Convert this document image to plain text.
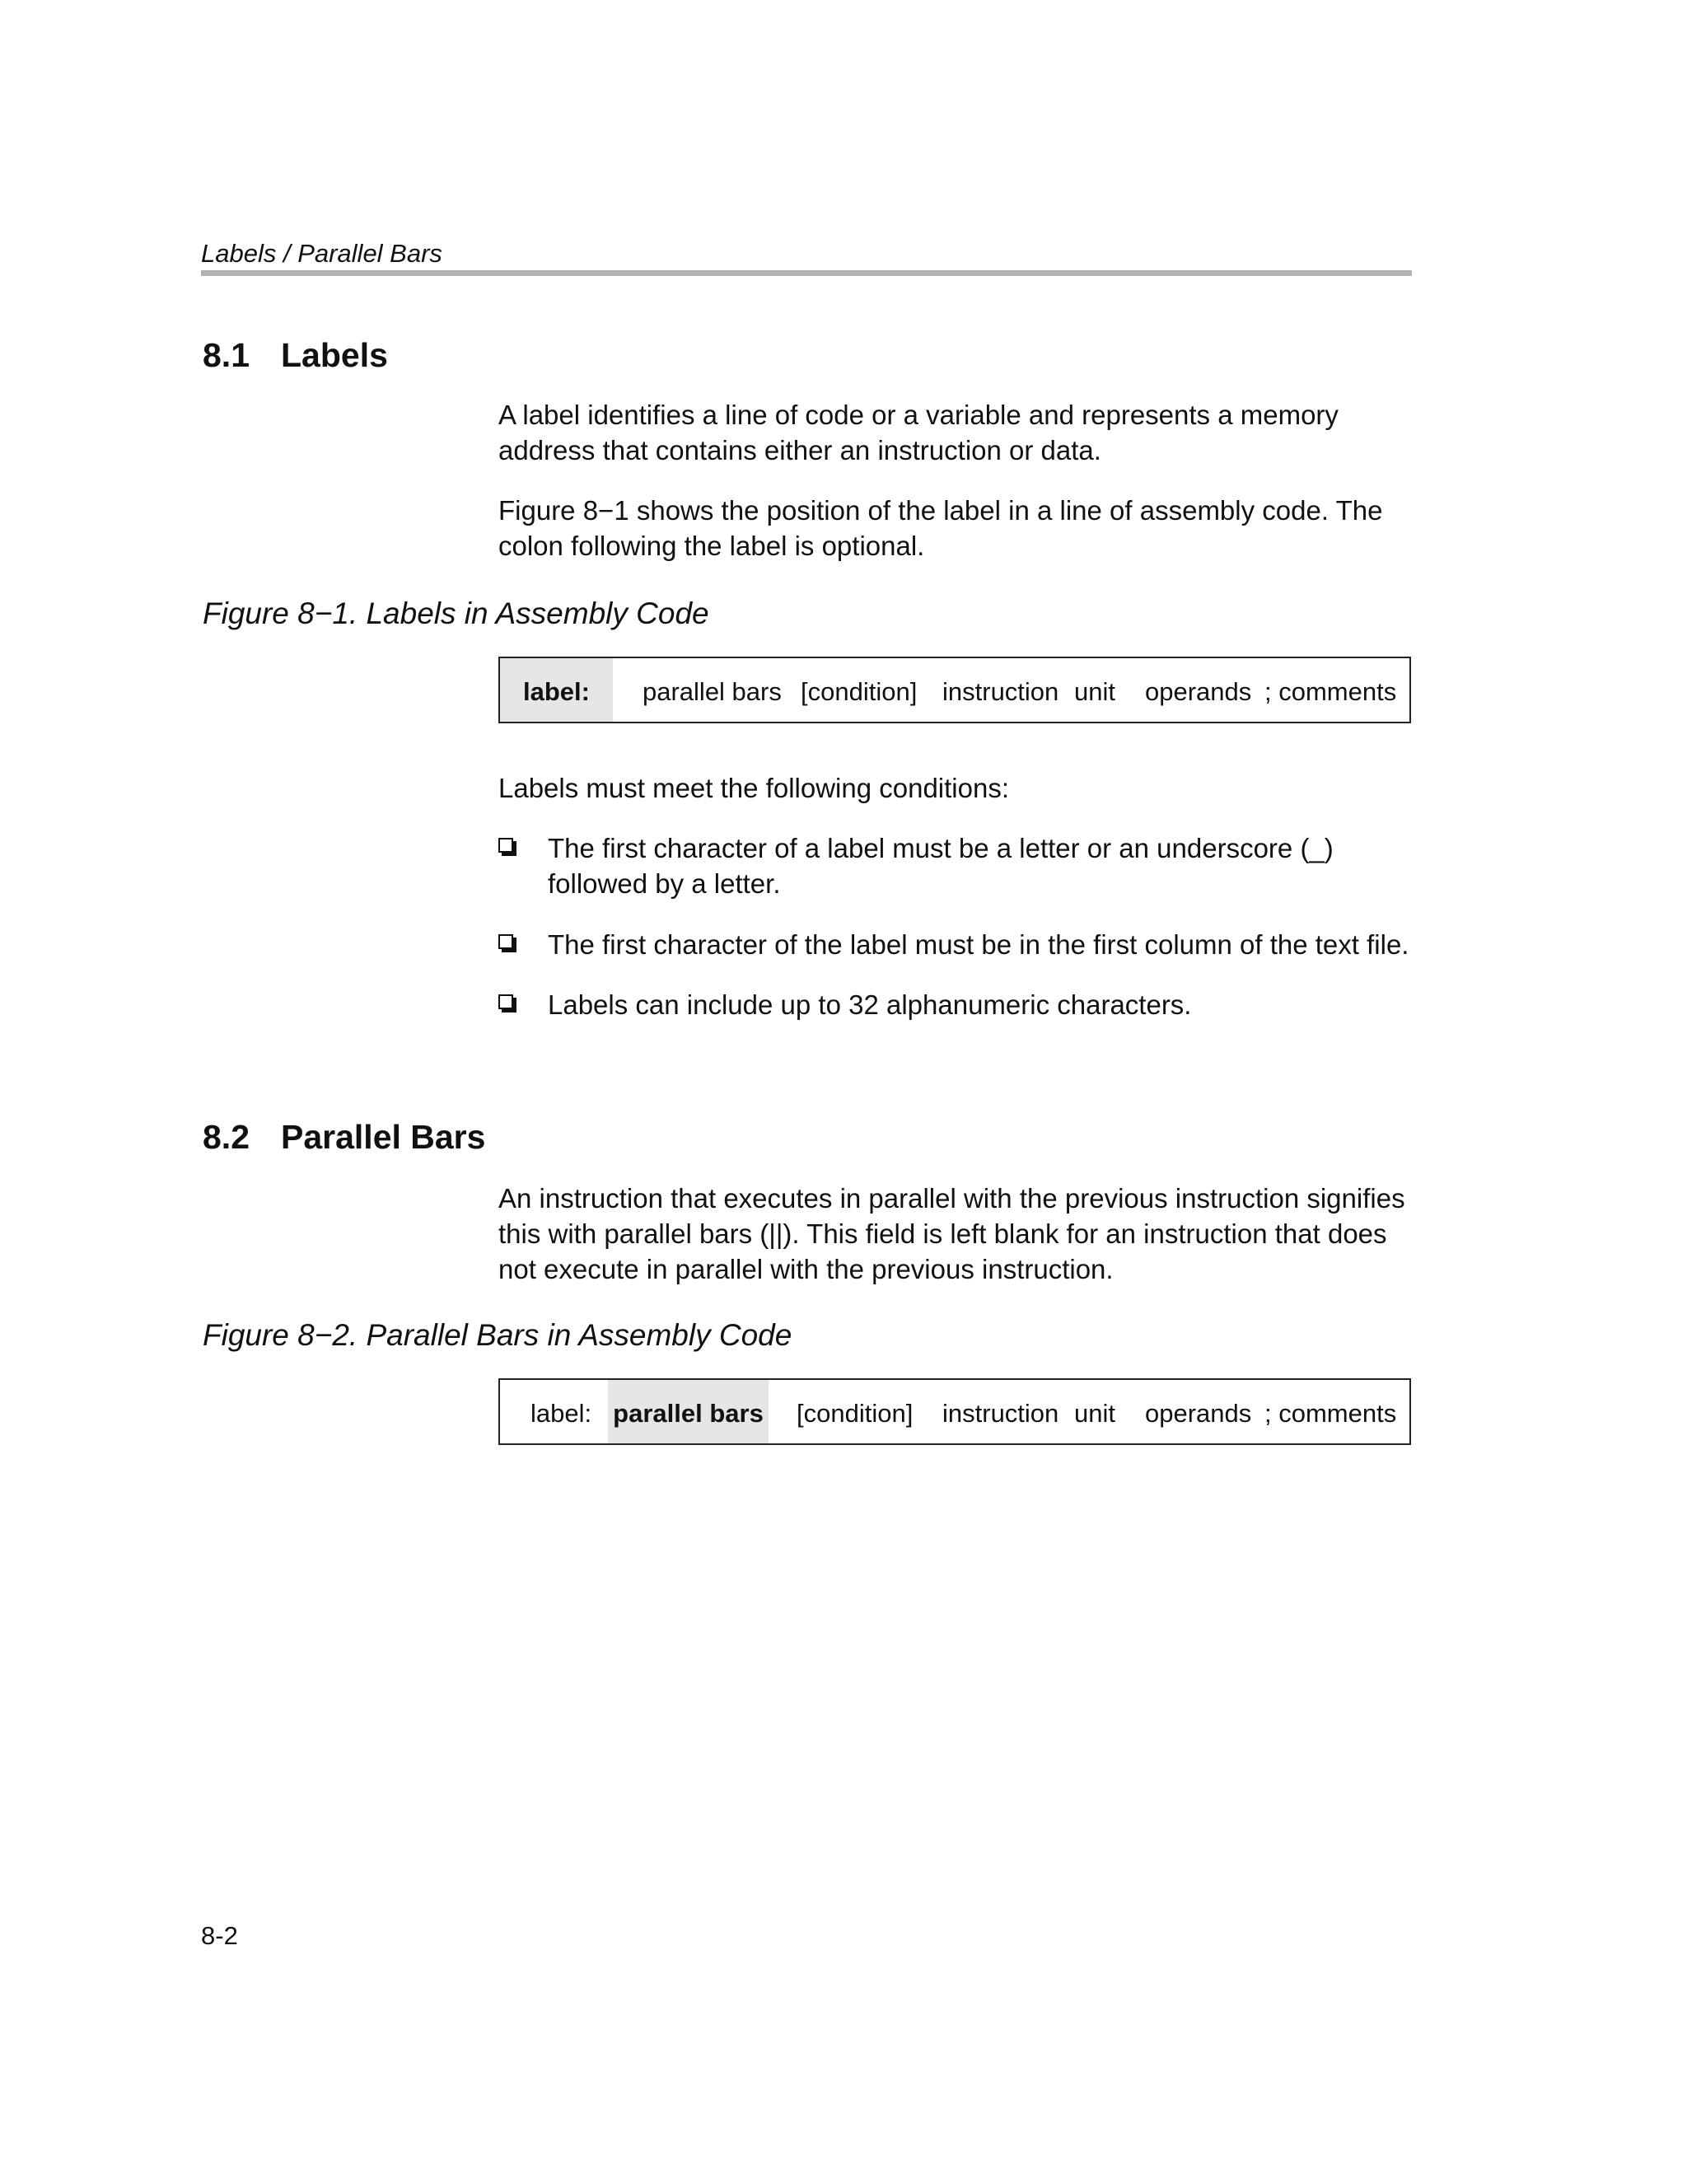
Labels / Parallel Bars
8.1 Labels

A label identifies a line of code or a variable and represents a memory address that contains either an instruction or data.

Figure 8−1 shows the position of the label in a line of assembly code. The colon following the label is optional.

Figure 8−1. Labels in Assembly Code
label:	parallel bars [condition] instruction unit operands ; comments

Labels must meet the following conditions:

The first character of a label must be a letter or an underscore (_) followed by a letter.
The first character of the label must be in the first column of the text file.
Labels can include up to 32 alphanumeric characters.
8.2 Parallel Bars

An instruction that executes in parallel with the previous instruction signifies this with parallel bars (||). This field is left blank for an instruction that does not execute in parallel with the previous instruction.

Figure 8−2. Parallel Bars in Assembly Code
label: parallel bars [condition] instruction unit operands ; comments
8-2
